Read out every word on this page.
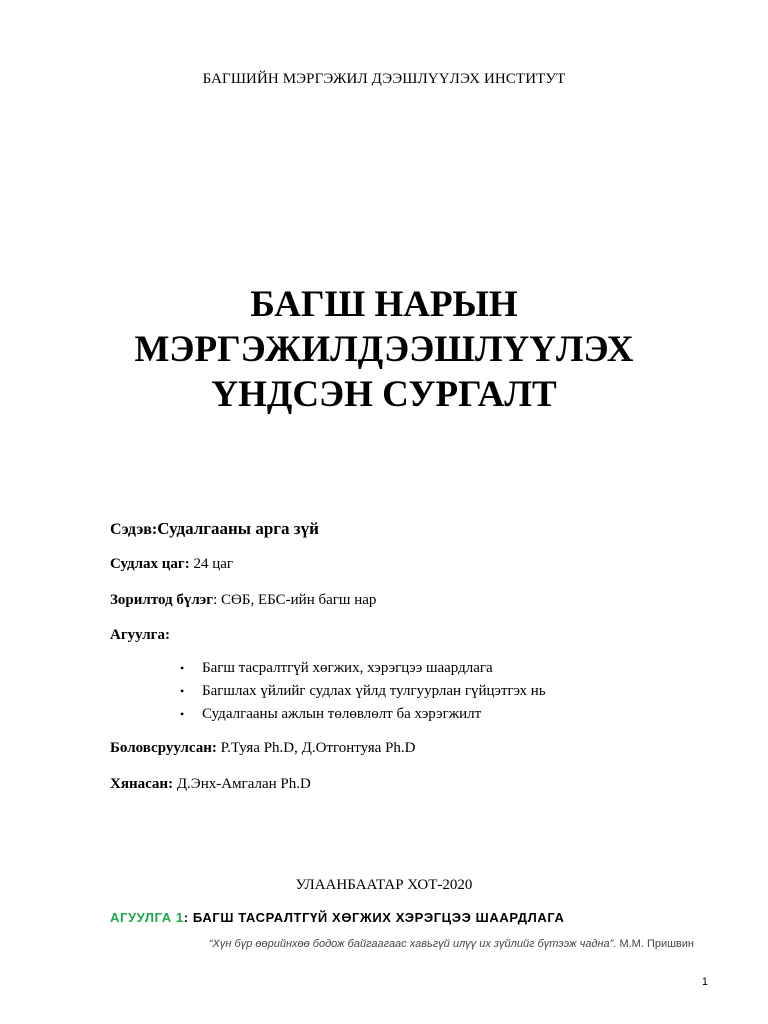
БАГШИЙН МЭРГЭЖИЛ ДЭЭШЛҮҮЛЭХ ИНСТИТУТ
БАГШ НАРЫН
МЭРГЭЖИЛДЭЭШЛҮҮЛЭХ
ҮНДСЭН СУРГАЛТ
Сэдэв:Судалгааны арга зүй
Судлах цаг: 24 цаг
Зорилтод бүлэг: СӨБ, ЕБС-ийн багш нар
Агуулга:
• Багш тасралтгүй хөгжих, хэрэгцээ шаардлага
• Багшлах үйлийг судлах үйлд тулгуурлан гүйцэтгэх нь
• Судалгааны ажлын төлөвлөлт ба хэрэгжилт
Боловсруулсан: Р.Туяа Ph.D, Д.Отгонтуяа Ph.D
Хянасан: Д.Энх-Амгалан Ph.D
УЛААНБААТАР ХОТ-2020
АГУУЛГА 1: БАГШ ТАСРАЛТГҮЙ ХӨГЖИХ ХЭРЭГЦЭЭ ШААРДЛАГА
“Хүн бүр өөрийнхөө бодож байгаагаас хавьгүй илүү их зүйлийг бүтээж чадна”. М.М. Пришвин
1
